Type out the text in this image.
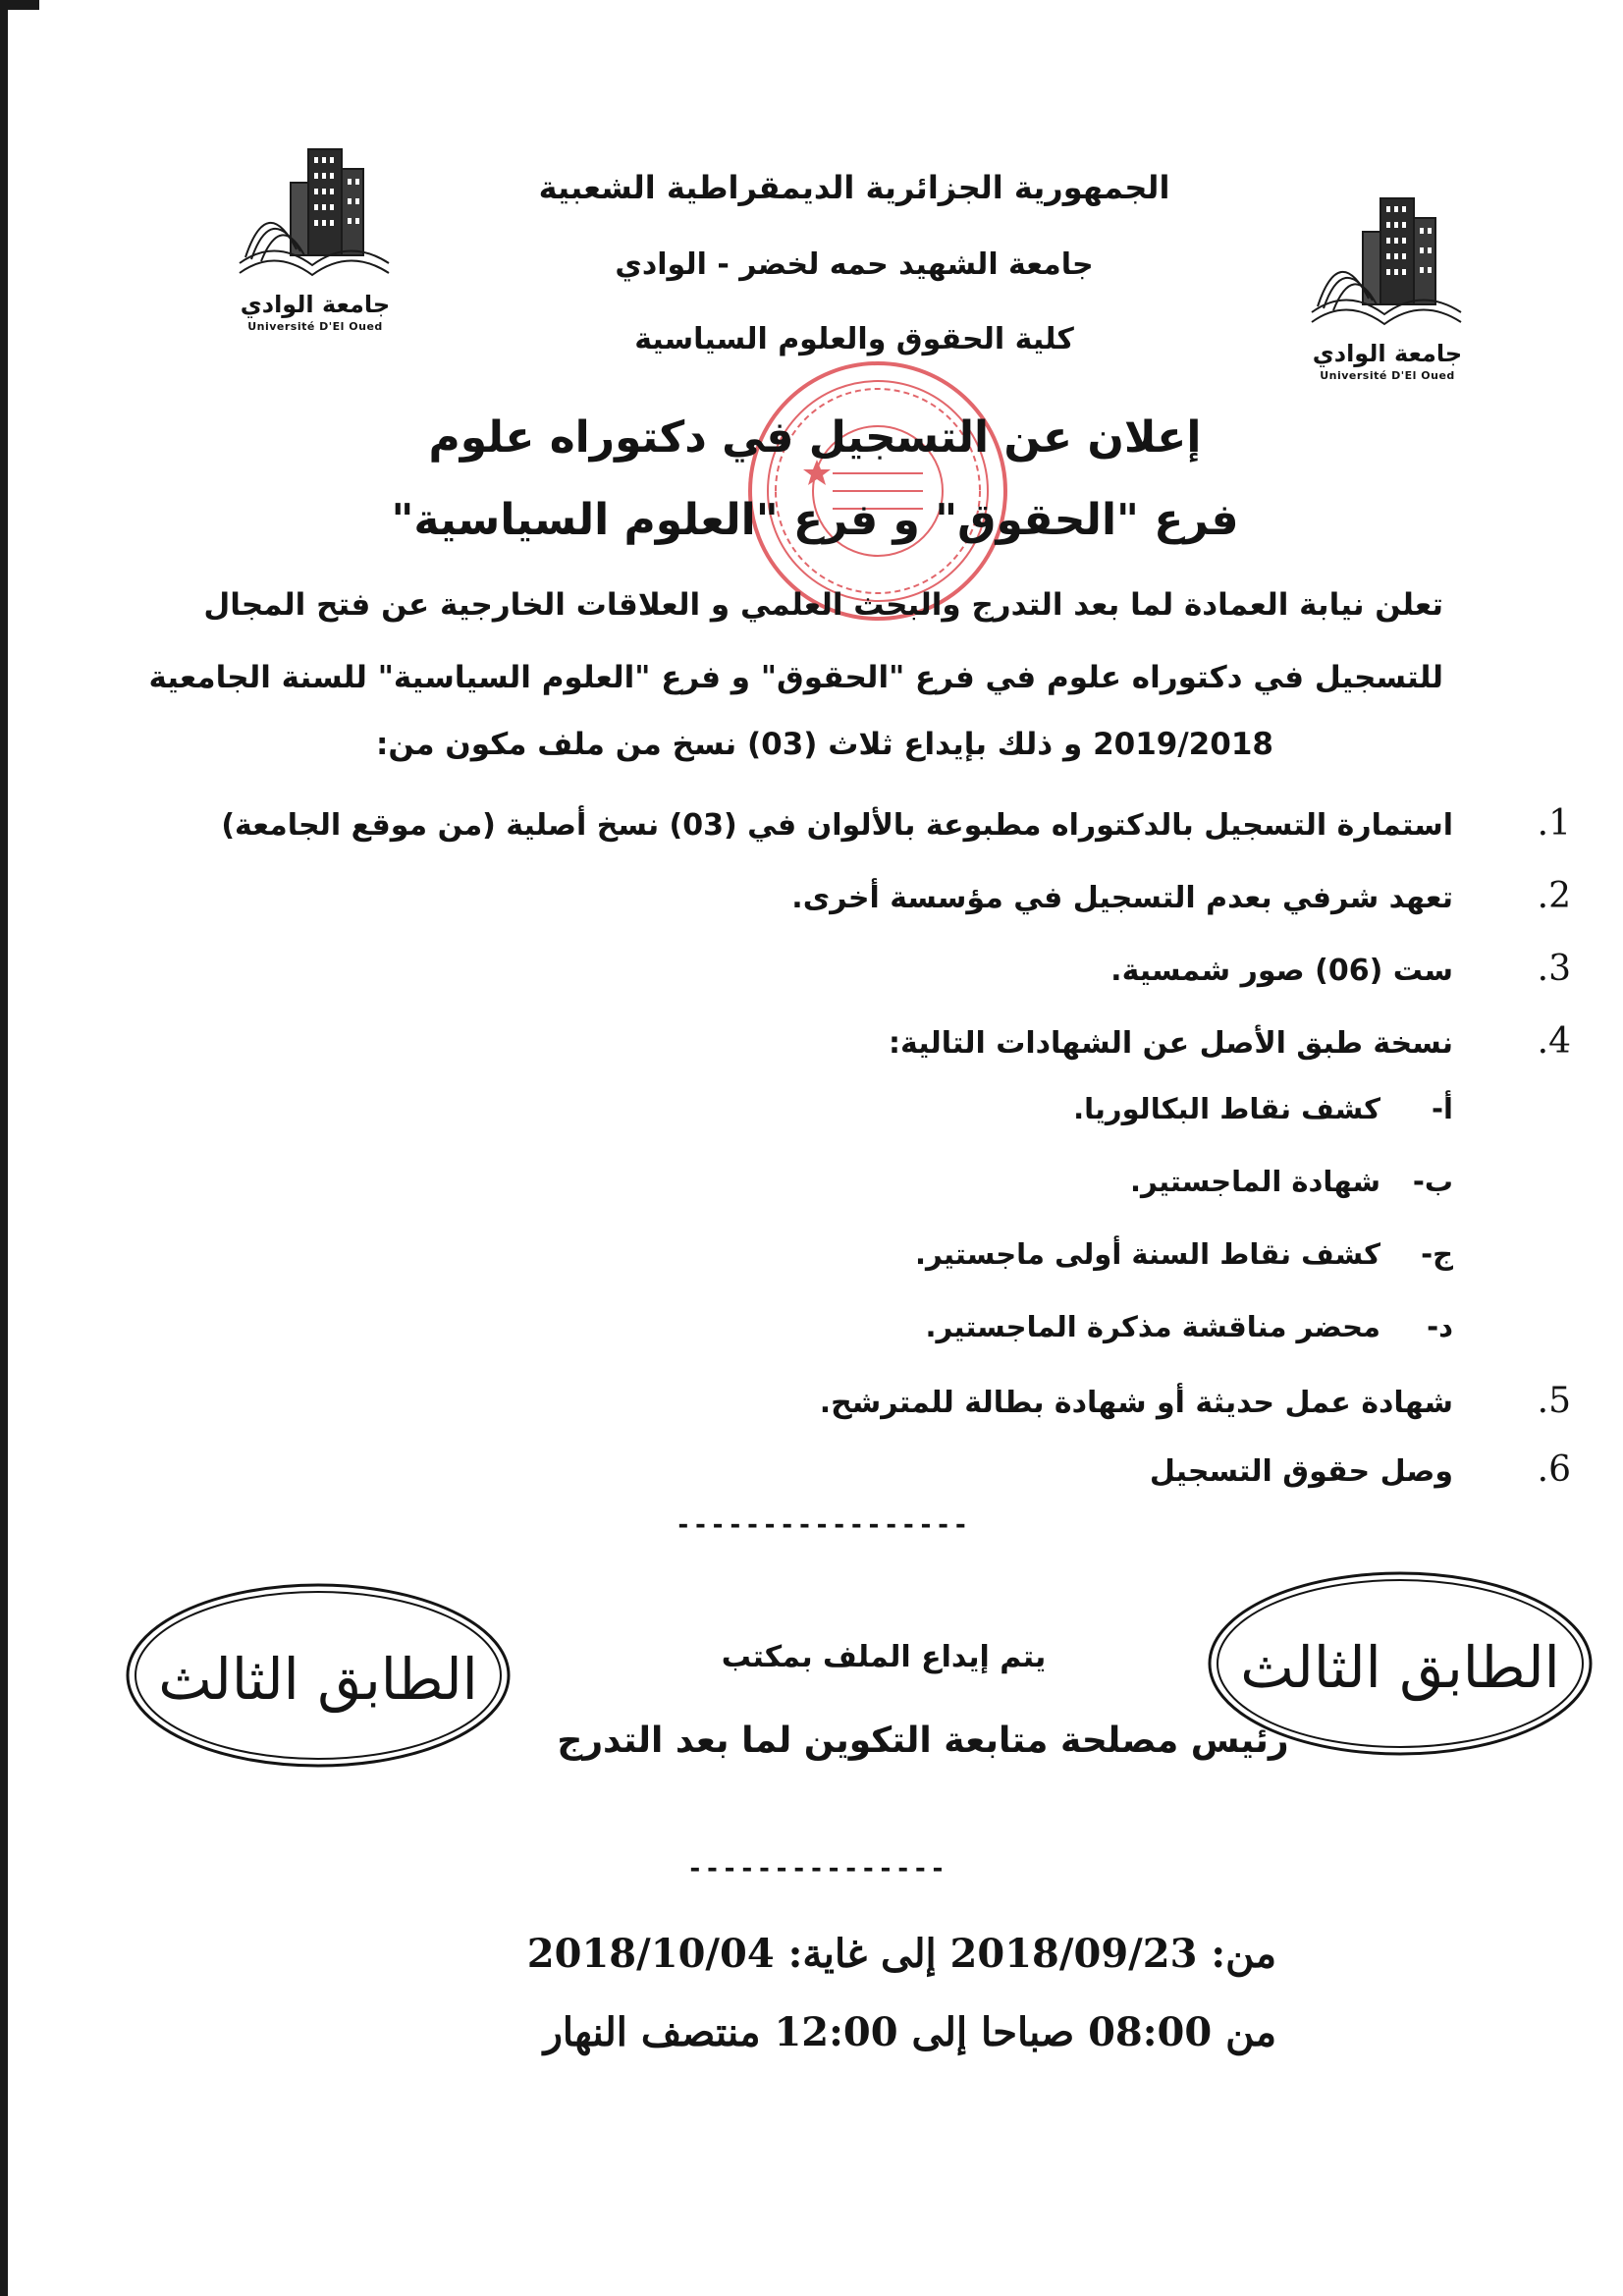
جامعة الوادي
Université D'El Oued
جامعة الوادي
Université D'El Oued
الجمهورية الجزائرية الديمقراطية الشعبية
جامعة الشهيد حمه لخضر - الوادي
كلية الحقوق والعلوم السياسية
إعلان عن التسجيل في دكتوراه علوم
فرع "الحقوق" و فرع "العلوم السياسية"
تعلن نيابة العمادة لما بعد التدرج والبحث العلمي و العلاقات الخارجية عن فتح المجال
للتسجيل في دكتوراه علوم في فرع "الحقوق" و فرع "العلوم السياسية" للسنة الجامعية
2019/2018 و ذلك بإيداع ثلاث (03) نسخ من ملف مكون من:
1.استمارة التسجيل بالدكتوراه مطبوعة بالألوان في (03) نسخ أصلية (من موقع الجامعة)
2.تعهد شرفي بعدم التسجيل في مؤسسة أخرى.
3.ست (06) صور شمسية.
4.نسخة طبق الأصل عن الشهادات التالية:
أ-كشف نقاط البكالوريا.
ب-شهادة الماجستير.
ج-كشف نقاط السنة أولى ماجستير.
د-محضر مناقشة مذكرة الماجستير.
5.شهادة عمل حديثة أو شهادة بطالة للمترشح.
6.وصل حقوق التسجيل
-----------------
الطابق الثالث	الطابق الثالث
يتم إيداع الملف بمكتب
رئيس مصلحة متابعة التكوين لما بعد التدرج
---------------
من: 2018/09/23 إلى غاية: 2018/10/04
من 08:00 صباحا إلى 12:00 منتصف النهار
